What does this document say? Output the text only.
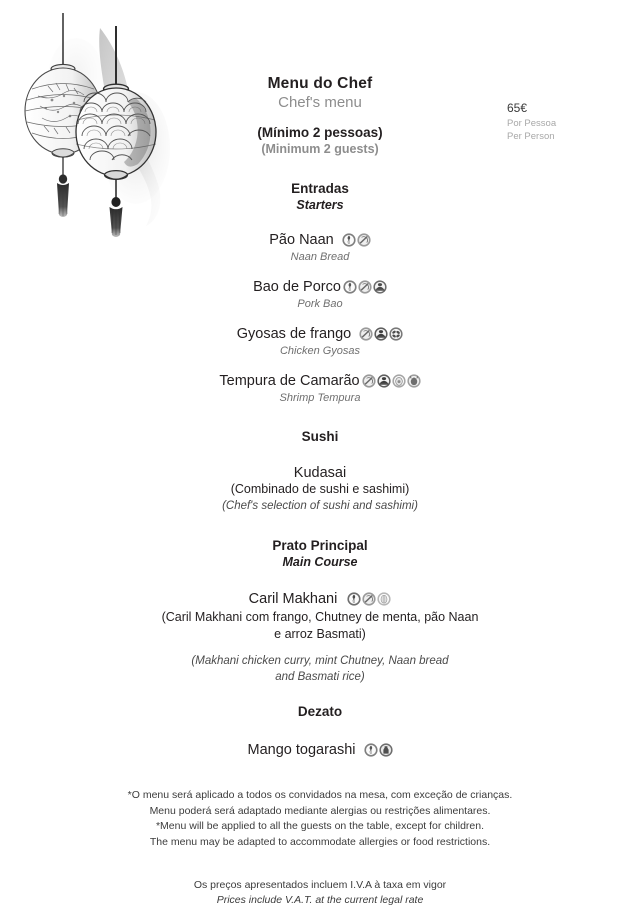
Menu do Chef
Chef's menu
(Mínimo 2 pessoas)
(Minimum 2 guests)
65€
Por Pessoa
Per Person
Entradas
Starters
Pão Naan
Naan Bread
Bao de Porco
Pork Bao
Gyosas de frango
Chicken Gyosas
Tempura de Camarão
Shrimp Tempura
Sushi
Kudasai
(Combinado de sushi e sashimi)
(Chef's selection of sushi and sashimi)
Prato Principal
Main Course
Caril Makhani
(Caril Makhani com frango, Chutney de menta, pão Naan
e arroz Basmati)
(Makhani chicken curry, mint Chutney, Naan bread
and Basmati rice)
Dezato
Mango togarashi
*O menu será aplicado a todos os convidados na mesa, com exceção de crianças.
Menu poderá será adaptado mediante alergias ou restrições alimentares.
*Menu will be applied to all the guests on the table, except for children.
The menu may be adapted to accommodate allergies or food restrictions.
Os preços apresentados incluem I.V.A à taxa em vigor
Prices include V.A.T. at the current legal rate
